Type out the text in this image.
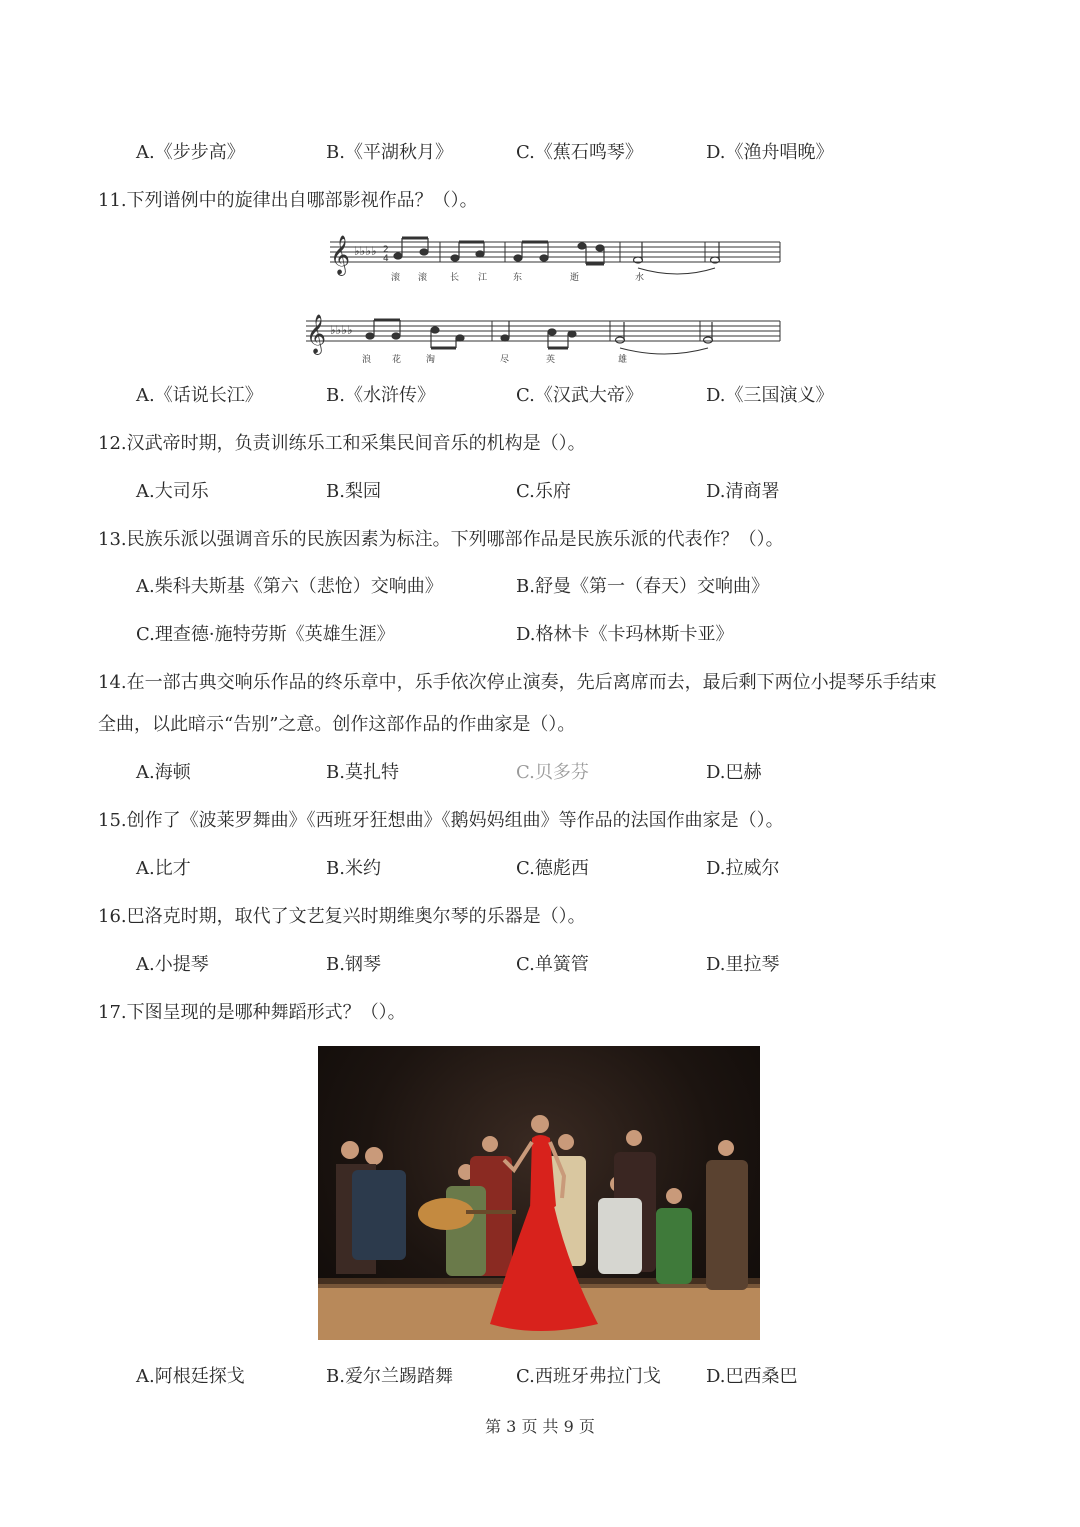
A.《步步高》	B.《平湖秋月》	C.《蕉石鸣琴》	D.《渔舟唱晚》
11.下列谱例中的旋律出自哪部影视作品？（）。
𝄞
𝄞
♭♭♭♭ 2
4
♭♭♭♭
滚 滚	长 江	东	逝	水
浪 花	淘	尽	英	雄
A.《话说长江》	B.《水浒传》	C.《汉武大帝》	D.《三国演义》
12.汉武帝时期，负责训练乐工和采集民间音乐的机构是（）。
A.大司乐	B.梨园	C.乐府	D.清商署
13.民族乐派以强调音乐的民族因素为标注。下列哪部作品是民族乐派的代表作？（）。
A.柴科夫斯基《第六（悲怆）交响曲》	B.舒曼《第一（春天）交响曲》
C.理查德·施特劳斯《英雄生涯》	D.格林卡《卡玛林斯卡亚》
14.在一部古典交响乐作品的终乐章中，乐手依次停止演奏，先后离席而去，最后剩下两位小提琴乐手结束
全曲，以此暗示“告别”之意。创作这部作品的作曲家是（）。
A.海顿	B.莫扎特	C.贝多芬	D.巴赫
15.创作了《波莱罗舞曲》《西班牙狂想曲》《鹅妈妈组曲》等作品的法国作曲家是（）。
A.比才	B.米约	C.德彪西	D.拉威尔
16.巴洛克时期，取代了文艺复兴时期维奥尔琴的乐器是（）。
A.小提琴	B.钢琴	C.单簧管	D.里拉琴
17.下图呈现的是哪种舞蹈形式？（）。
A.阿根廷探戈	B.爱尔兰踢踏舞	C.西班牙弗拉门戈	D.巴西桑巴
第 3 页 共 9 页
